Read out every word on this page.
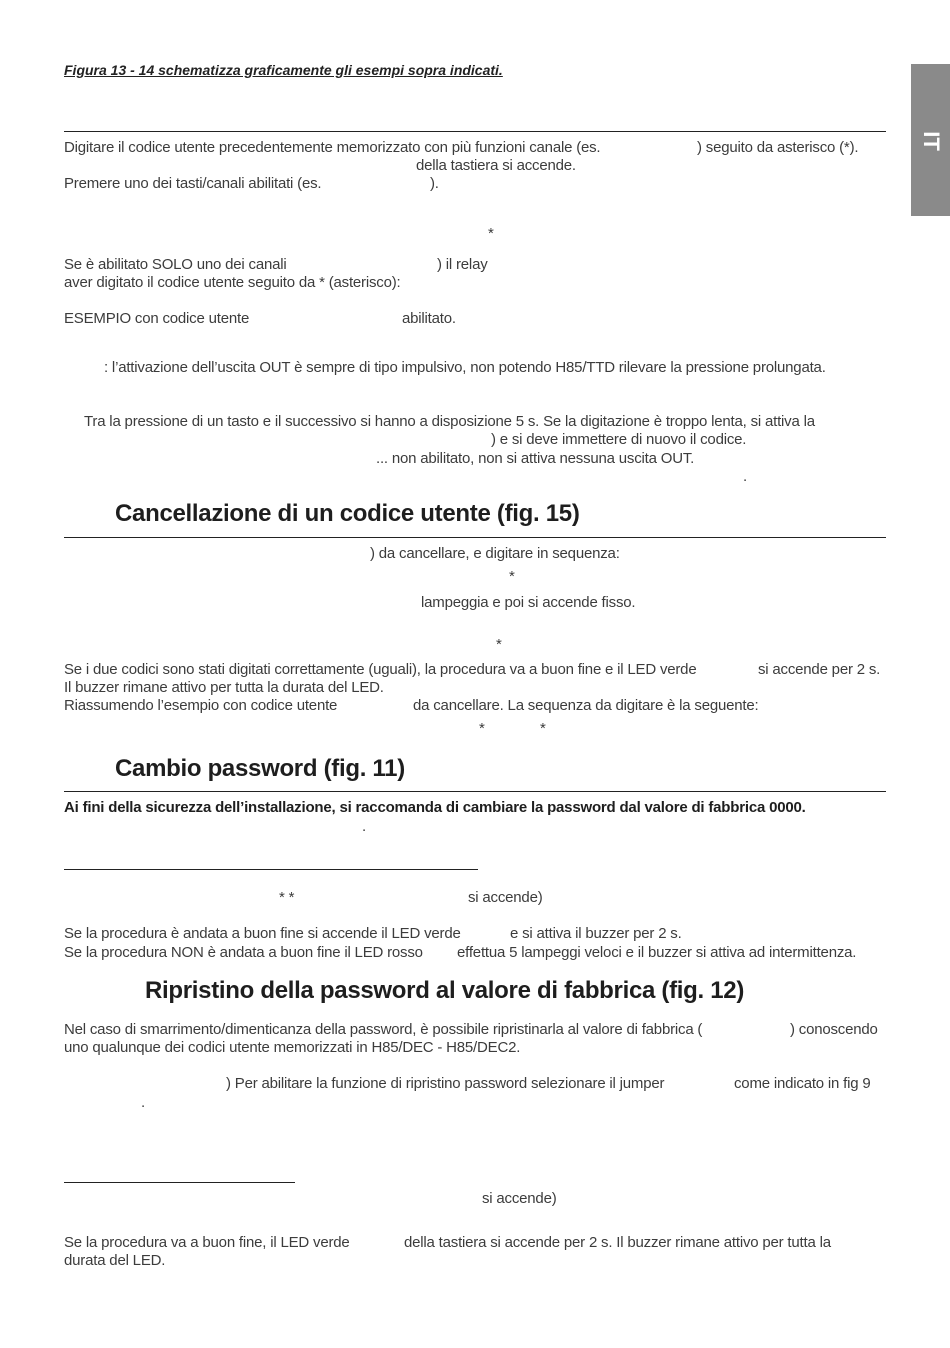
IT
Figura 13 - 14 schematizza graficamente gli esempi sopra indicati.
Digitare il codice utente precedentemente memorizzato con più funzioni canale (es.	) seguito da asterisco (*).
della tastiera si accende.
Premere uno dei tasti/canali abilitati (es.	).
*
Se è abilitato SOLO uno dei canali	) il relay
aver digitato il codice utente seguito da * (asterisco):
ESEMPIO con codice utente	abilitato.
: l’attivazione dell’uscita OUT è sempre di tipo impulsivo, non potendo H85/TTD rilevare la pressione prolungata.
Tra la pressione di un tasto e il successivo si hanno a disposizione 5 s. Se la digitazione è troppo lenta, si attiva la
) e si deve immettere di nuovo il codice.
... non abilitato, non si attiva nessuna uscita OUT.
.
Cancellazione di un codice utente (fig. 15)
) da cancellare, e digitare in sequenza:
*
lampeggia e poi si accende fisso.
*
Se i due codici sono stati digitati correttamente (uguali), la procedura va a buon fine e il LED verde	si accende per 2 s.
Il buzzer rimane attivo per tutta la durata del LED.
Riassumendo l’esempio con codice utente	da cancellare. La sequenza da digitare è la seguente:
*	*
Cambio password (fig. 11)
Ai fini della sicurezza dell’installazione, si raccomanda di cambiare la password dal valore di fabbrica 0000.
.
* *	si accende)
Se la procedura è andata a buon fine si accende il LED verde	e si attiva il buzzer per 2 s.
Se la procedura NON è andata a buon fine il LED rosso effettua 5 lampeggi veloci e il buzzer si attiva ad intermittenza.
Ripristino della password al valore di fabbrica (fig. 12)
Nel caso di smarrimento/dimenticanza della password, è possibile ripristinarla al valore di fabbrica (	) conoscendo
uno qualunque dei codici utente memorizzati in H85/DEC - H85/DEC2.
) Per abilitare la funzione di ripristino password selezionare il jumper	come indicato in fig 9
.
si accende)
Se la procedura va a buon fine, il LED verde	della tastiera si accende per 2 s. Il buzzer rimane attivo per tutta la
durata del LED.
